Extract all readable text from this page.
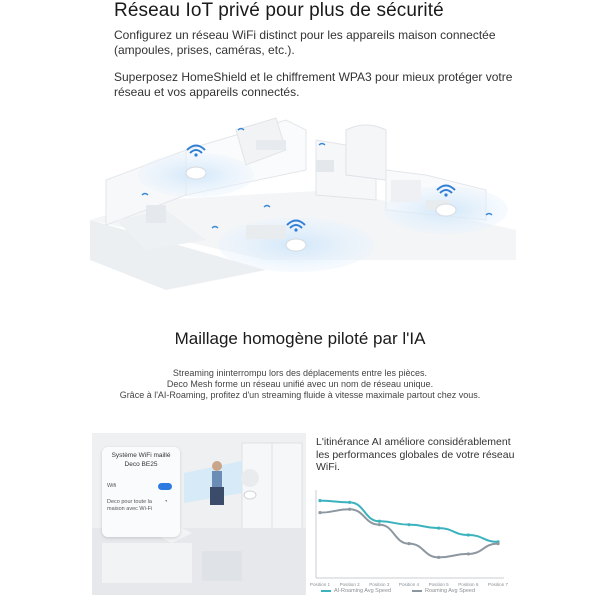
Réseau IoT privé pour plus de sécurité
Configurez un réseau WiFi distinct pour les appareils maison connectée (ampoules, prises, caméras, etc.).
Superposez HomeShield et le chiffrement WPA3 pour mieux protéger votre réseau et vos appareils connectés.
Maillage homogène piloté par l'IA
Streaming ininterrompu lors des déplacements entre les pièces.
Deco Mesh forme un réseau unifié avec un nom de réseau unique.
Grâce à l'AI-Roaming, profitez d'un streaming fluide à vitesse maximale partout chez vous.
Système WiFi maillé
Deco BE25
Wifi
Deco pour toute la
maison avec Wi-Fi
◔
L'itinérance AI améliore considérablement les performances globales de votre réseau WiFi.
Position 1 Position 2 Position 3 Position 4 Position 5 Position 6 Position 7
AI-Roaming Avg Speed	Roaming Avg Speed
